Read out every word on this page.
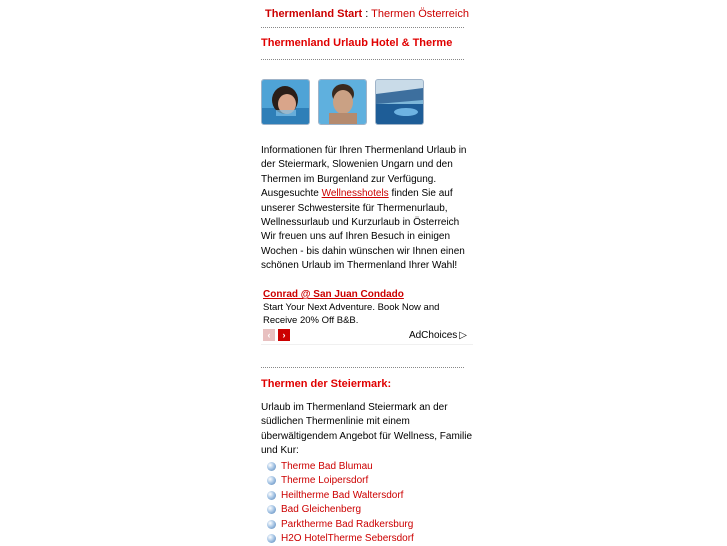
Thermenland Start : Thermen Österreich
Thermenland Urlaub Hotel & Therme
Informationen für Ihren Thermenland Urlaub in der Steiermark, Slowenien Ungarn und den Thermen im Burgenland zur Verfügung. Ausgesuchte Wellnesshotels finden Sie auf unserer Schwestersite für Thermenurlaub, Wellnessurlaub und Kurzurlaub in Österreich Wir freuen uns auf Ihren Besuch in einigen Wochen - bis dahin wünschen wir Ihnen einen schönen Urlaub im Thermenland Ihrer Wahl!
Conrad @ San Juan Condado
Start Your Next Adventure. Book Now and Receive 20% Off B&B.
‹	›	AdChoices ▷
Thermen der Steiermark:
Urlaub im Thermenland Steiermark an der südlichen Thermenlinie mit einem überwältigendem Angebot für Wellness, Familie und Kur:
Therme Bad Blumau
Therme Loipersdorf
Heiltherme Bad Waltersdorf
Bad Gleichenberg
Parktherme Bad Radkersburg
H2O HotelTherme Sebersdorf
